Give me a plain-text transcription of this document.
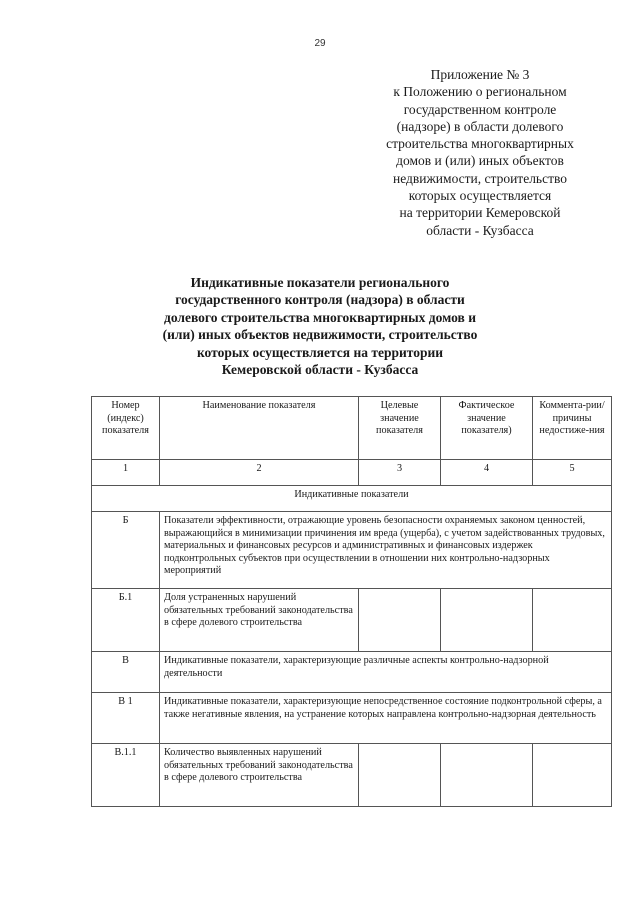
29
Приложение № 3
к Положению о региональном
государственном контроле
(надзоре) в области долевого
строительства многоквартирных
домов и (или) иных объектов
недвижимости, строительство
которых осуществляется
на территории Кемеровской
области - Кузбасса
Индикативные показатели регионального
государственного контроля (надзора) в области
долевого строительства многоквартирных домов и
(или) иных объектов недвижимости, строительство
которых осуществляется на территории
Кемеровской области - Кузбасса
Номер (индекс) показателя	Наименование показателя	Целевые значение показателя	Фактическое значение показателя)	Коммента-рии/ причины недостиже-ния
1	2	3	4	5
Индикативные показатели				
Б	Показатели эффективности, отражающие уровень безопасности охраняемых законом ценностей, выражающийся в минимизации причинения им вреда (ущерба), с учетом задействованных трудовых, материальных и финансовых ресурсов и административных и финансовых издержек подконтрольных субъектов при осуществлении в отношении них контрольно-надзорных мероприятий			
Б.1	Доля устраненных нарушений обязательных требований законодательства в сфере долевого строительства			
В	Индикативные показатели, характеризующие различные аспекты контрольно-надзорной деятельности			
В 1	Индикативные показатели, характеризующие непосредственное состояние подконтрольной сферы, а также негативные явления, на устранение которых направлена контрольно-надзорная деятельность			
В.1.1	Количество выявленных нарушений обязательных требований законодательства в сфере долевого строительства			
